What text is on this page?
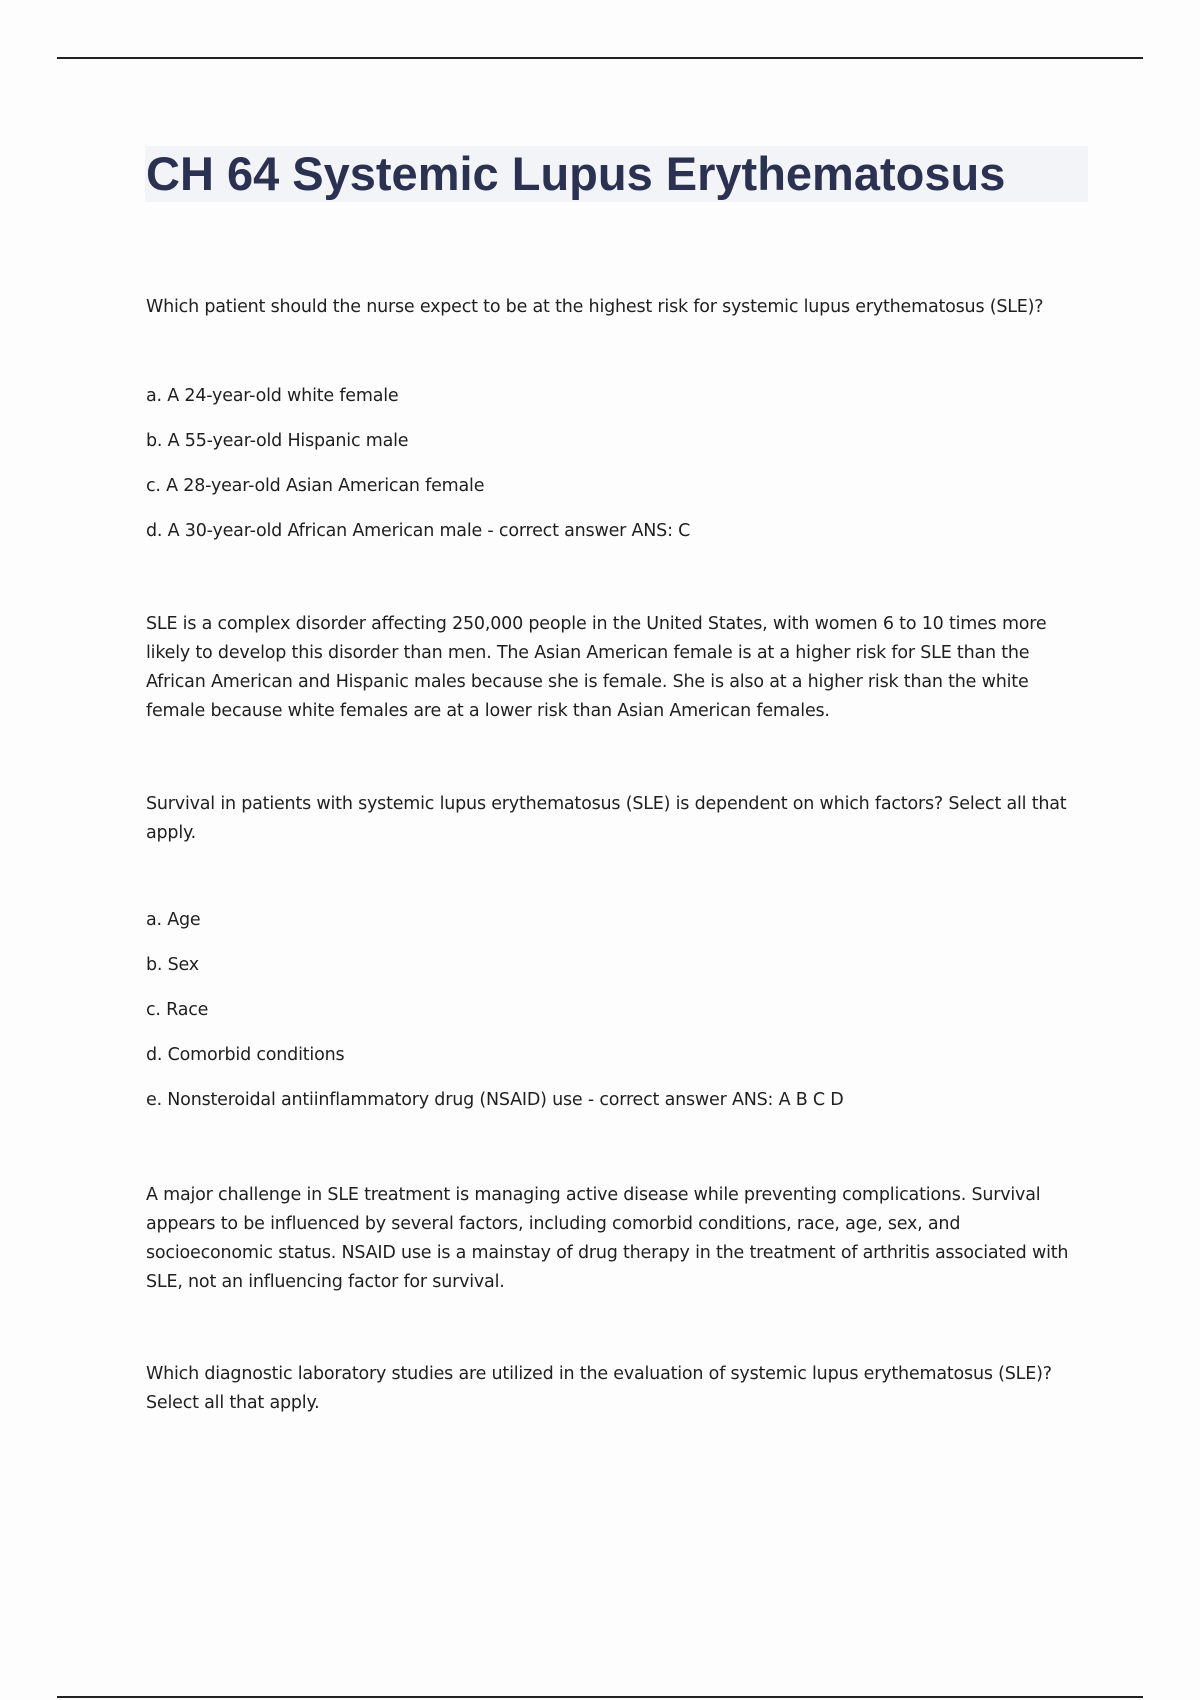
CH 64 Systemic Lupus Erythematosus

Which patient should the nurse expect to be at the highest risk for systemic lupus erythematosus (SLE)?

a. A 24-year-old white female
b. A 55-year-old Hispanic male
c. A 28-year-old Asian American female
d. A 30-year-old African American male - correct answer ANS: C

SLE is a complex disorder affecting 250,000 people in the United States, with women 6 to 10 times more likely to develop this disorder than men. The Asian American female is at a higher risk for SLE than the African American and Hispanic males because she is female. She is also at a higher risk than the white female because white females are at a lower risk than Asian American females.

Survival in patients with systemic lupus erythematosus (SLE) is dependent on which factors? Select all that apply.

a. Age
b. Sex
c. Race
d. Comorbid conditions
e. Nonsteroidal antiinflammatory drug (NSAID) use - correct answer ANS: A B C D

A major challenge in SLE treatment is managing active disease while preventing complications. Survival appears to be influenced by several factors, including comorbid conditions, race, age, sex, and socioeconomic status. NSAID use is a mainstay of drug therapy in the treatment of arthritis associated with SLE, not an influencing factor for survival.

Which diagnostic laboratory studies are utilized in the evaluation of systemic lupus erythematosus (SLE)? Select all that apply.
